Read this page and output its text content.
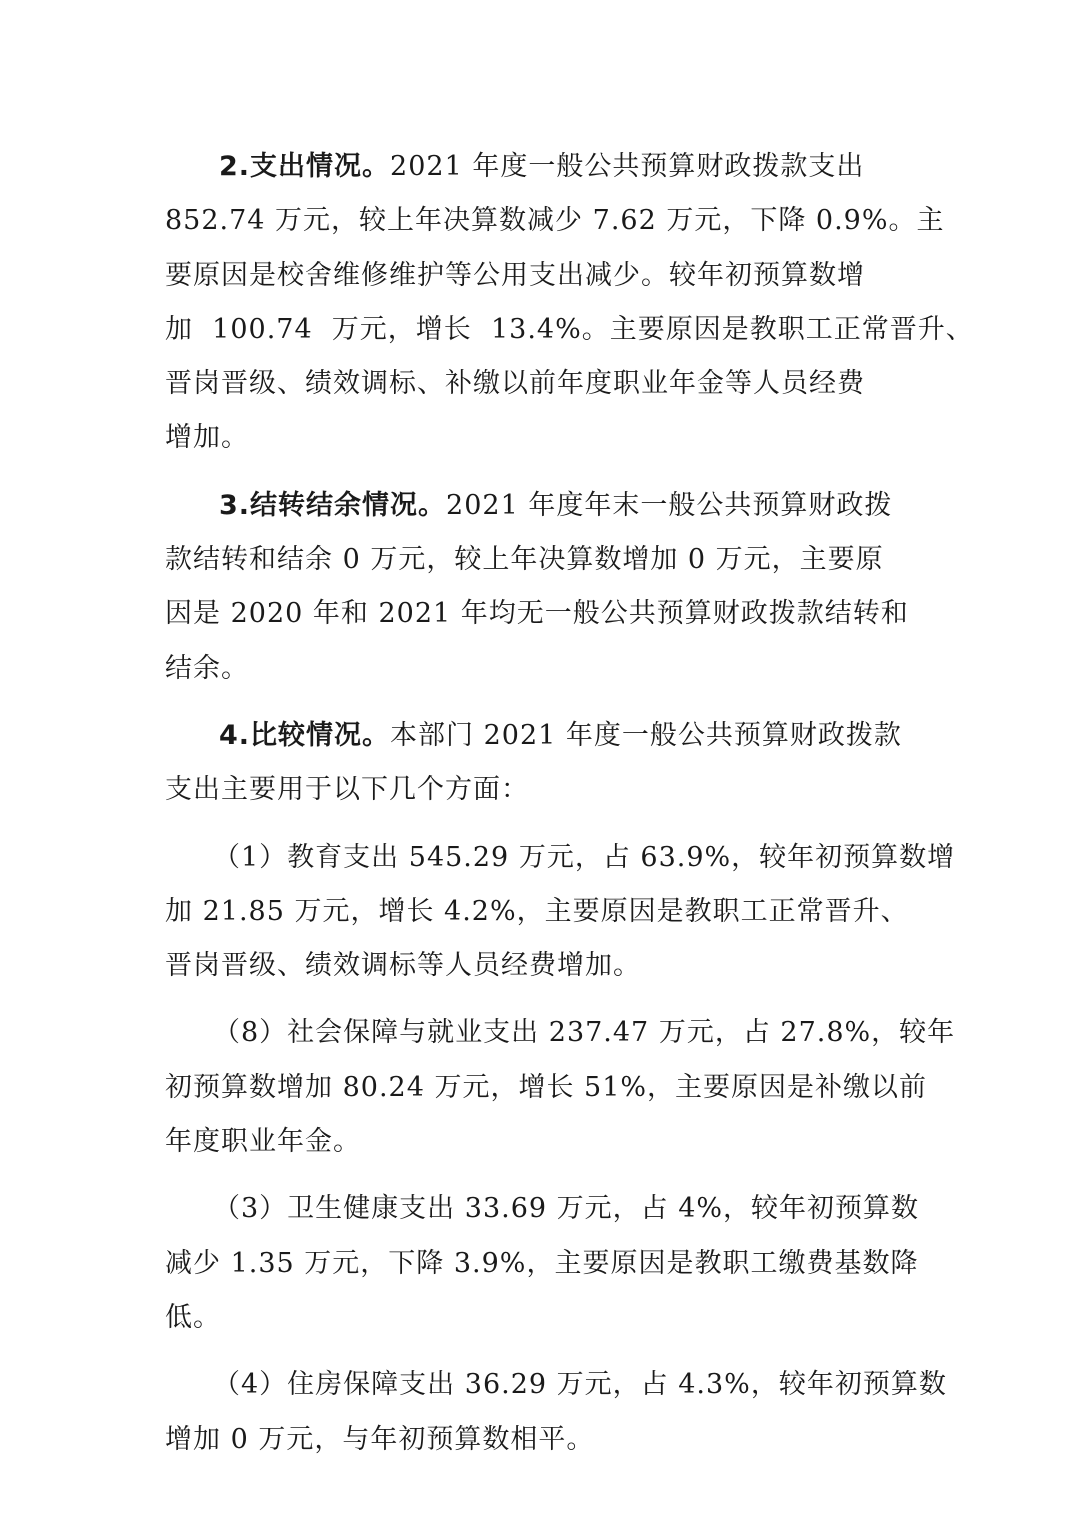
2.支出情况。2021 年度一般公共预算财政拨款支出
852.74 万元，较上年决算数减少 7.62 万元，下降 0.9%。主
要原因是校舍维修维护等公用支出减少。较年初预算数增
加  100.74  万元，增长  13.4%。主要原因是教职工正常晋升、
晋岗晋级、绩效调标、补缴以前年度职业年金等人员经费
增加。
3.结转结余情况。2021 年度年末一般公共预算财政拨
款结转和结余 0 万元，较上年决算数增加 0 万元，主要原
因是 2020 年和 2021 年均无一般公共预算财政拨款结转和
结余。
4.比较情况。本部门 2021 年度一般公共预算财政拨款
支出主要用于以下几个方面：
（1）教育支出 545.29 万元，占 63.9%，较年初预算数增
加 21.85 万元，增长 4.2%，主要原因是教职工正常晋升、
晋岗晋级、绩效调标等人员经费增加。
（8）社会保障与就业支出 237.47 万元，占 27.8%，较年
初预算数增加 80.24 万元，增长 51%，主要原因是补缴以前
年度职业年金。
（3）卫生健康支出 33.69 万元，占 4%，较年初预算数
减少 1.35 万元，下降 3.9%，主要原因是教职工缴费基数降
低。
（4）住房保障支出 36.29 万元，占 4.3%，较年初预算数
增加 0 万元，与年初预算数相平。
